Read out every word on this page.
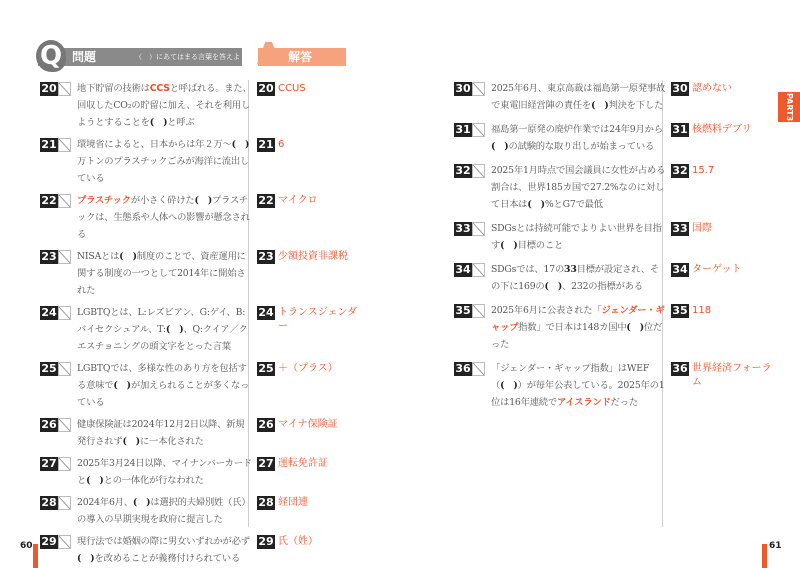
Q 問題	（　）にあてはまる言葉を答えよ A 解答
PART3
20 地下貯留の技術はCCSと呼ばれる。また、回収したCO₂の貯留に加え、それを利用しようとすることを(　)と呼ぶ
20 CCUS
21 環境省によると、日本からは年２万〜(　)万トンのプラスチックごみが海洋に流出している
21 6
22 プラスチックが小さく砕けた(　)プラスチックは、生態系や人体への影響が懸念される
22 マイクロ
23 NISAとは(　)制度のことで、資産運用に関する制度の一つとして2014年に開始された
23 少額投資非課税
24 LGBTQとは、L:レズビアン、G:ゲイ、B:バイセクシュアル、T:(　)、Q:クイア／クエスチョニングの頭文字をとった言葉
24 トランスジェンダー
25 LGBTQでは、多様な性のあり方を包括する意味で(　)が加えられることが多くなっている
25 ＋（プラス）
26 健康保険証は2024年12月2日以降、新規発行されず(　)に一本化された
26 マイナ保険証
27 2025年3月24日以降、マイナンバーカードと(　)との一体化が行なわれた
27 運転免許証
28 2024年6月、(　)は選択的夫婦別姓（氏）の導入の早期実現を政府に提言した
28 経団連
29 現行法では婚姻の際に男女いずれかが必ず(　)を改めることが義務付けられている
29 氏（姓）
30 2025年6月、東京高裁は福島第一原発事故で東電旧経営陣の責任を(　)判決を下した
30 認めない
31 福島第一原発の廃炉作業では24年9月から(　)の試験的な取り出しが始まっている
31 核燃料デブリ
32 2025年1月時点で国会議員に女性が占める割合は、世界185カ国で27.2%なのに対して日本は(　)%とG7で最低
32 15.7
33 SDGsとは持続可能でよりよい世界を目指す(　)目標のこと
33 国際
34 SDGsでは、17の33目標が設定され、その下に169の(　)、232の指標がある
34 ターゲット
35 2025年6月に公表された「ジェンダー・ギャップ指数」で日本は148カ国中(　)位だった
35 118
36 「ジェンダー・ギャップ指数」はWEF（(　)）が毎年公表している。2025年の1位は16年連続でアイスランドだった
36 世界経済フォーラム
60	61
